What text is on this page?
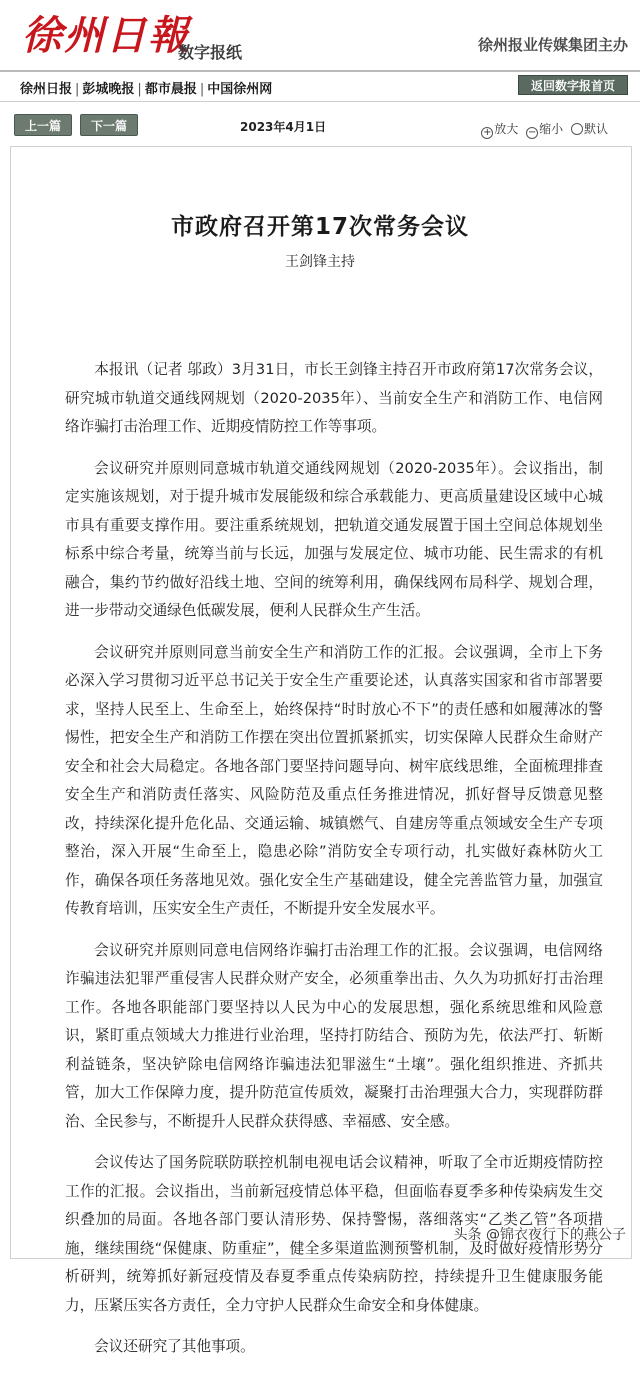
徐州日報
数字报纸	徐州报业传媒集团主办
徐州日报 | 彭城晚报 | 都市晨报 | 中国徐州网	返回数字报首页
上一篇	下一篇	2023年4月1日	+ 放大 − 缩小 默认
市政府召开第17次常务会议
王剑锋主持

本报讯（记者 邬政）3月31日，市长王剑锋主持召开市政府第17次常务会议，研究城市轨道交通线网规划（2020-2035年）、当前安全生产和消防工作、电信网络诈骗打击治理工作、近期疫情防控工作等事项。

会议研究并原则同意城市轨道交通线网规划（2020-2035年）。会议指出，制定实施该规划，对于提升城市发展能级和综合承载能力、更高质量建设区域中心城市具有重要支撑作用。要注重系统规划，把轨道交通发展置于国土空间总体规划坐标系中综合考量，统筹当前与长远，加强与发展定位、城市功能、民生需求的有机融合，集约节约做好沿线土地、空间的统筹利用，确保线网布局科学、规划合理，进一步带动交通绿色低碳发展，便利人民群众生产生活。

会议研究并原则同意当前安全生产和消防工作的汇报。会议强调，全市上下务必深入学习贯彻习近平总书记关于安全生产重要论述，认真落实国家和省市部署要求，坚持人民至上、生命至上，始终保持“时时放心不下”的责任感和如履薄冰的警惕性，把安全生产和消防工作摆在突出位置抓紧抓实，切实保障人民群众生命财产安全和社会大局稳定。各地各部门要坚持问题导向、树牢底线思维，全面梳理排查安全生产和消防责任落实、风险防范及重点任务推进情况，抓好督导反馈意见整改，持续深化提升危化品、交通运输、城镇燃气、自建房等重点领域安全生产专项整治，深入开展“生命至上，隐患必除”消防安全专项行动，扎实做好森林防火工作，确保各项任务落地见效。强化安全生产基础建设，健全完善监管力量，加强宣传教育培训，压实安全生产责任，不断提升安全发展水平。

会议研究并原则同意电信网络诈骗打击治理工作的汇报。会议强调，电信网络诈骗违法犯罪严重侵害人民群众财产安全，必须重拳出击、久久为功抓好打击治理工作。各地各职能部门要坚持以人民为中心的发展思想，强化系统思维和风险意识，紧盯重点领域大力推进行业治理，坚持打防结合、预防为先，依法严打、斩断利益链条，坚决铲除电信网络诈骗违法犯罪滋生“土壤”。强化组织推进、齐抓共管，加大工作保障力度，提升防范宣传质效，凝聚打击治理强大合力，实现群防群治、全民参与，不断提升人民群众获得感、幸福感、安全感。

会议传达了国务院联防联控机制电视电话会议精神，听取了全市近期疫情防控工作的汇报。会议指出，当前新冠疫情总体平稳，但面临春夏季多种传染病发生交织叠加的局面。各地各部门要认清形势、保持警惕，落细落实“乙类乙管”各项措施，继续围绕“保健康、防重症”，健全多渠道监测预警机制，及时做好疫情形势分析研判，统筹抓好新冠疫情及春夏季重点传染病防控，持续提升卫生健康服务能力，压紧压实各方责任，全力守护人民群众生命安全和身体健康。

会议还研究了其他事项。

头条 @锦衣夜行下的燕公子
